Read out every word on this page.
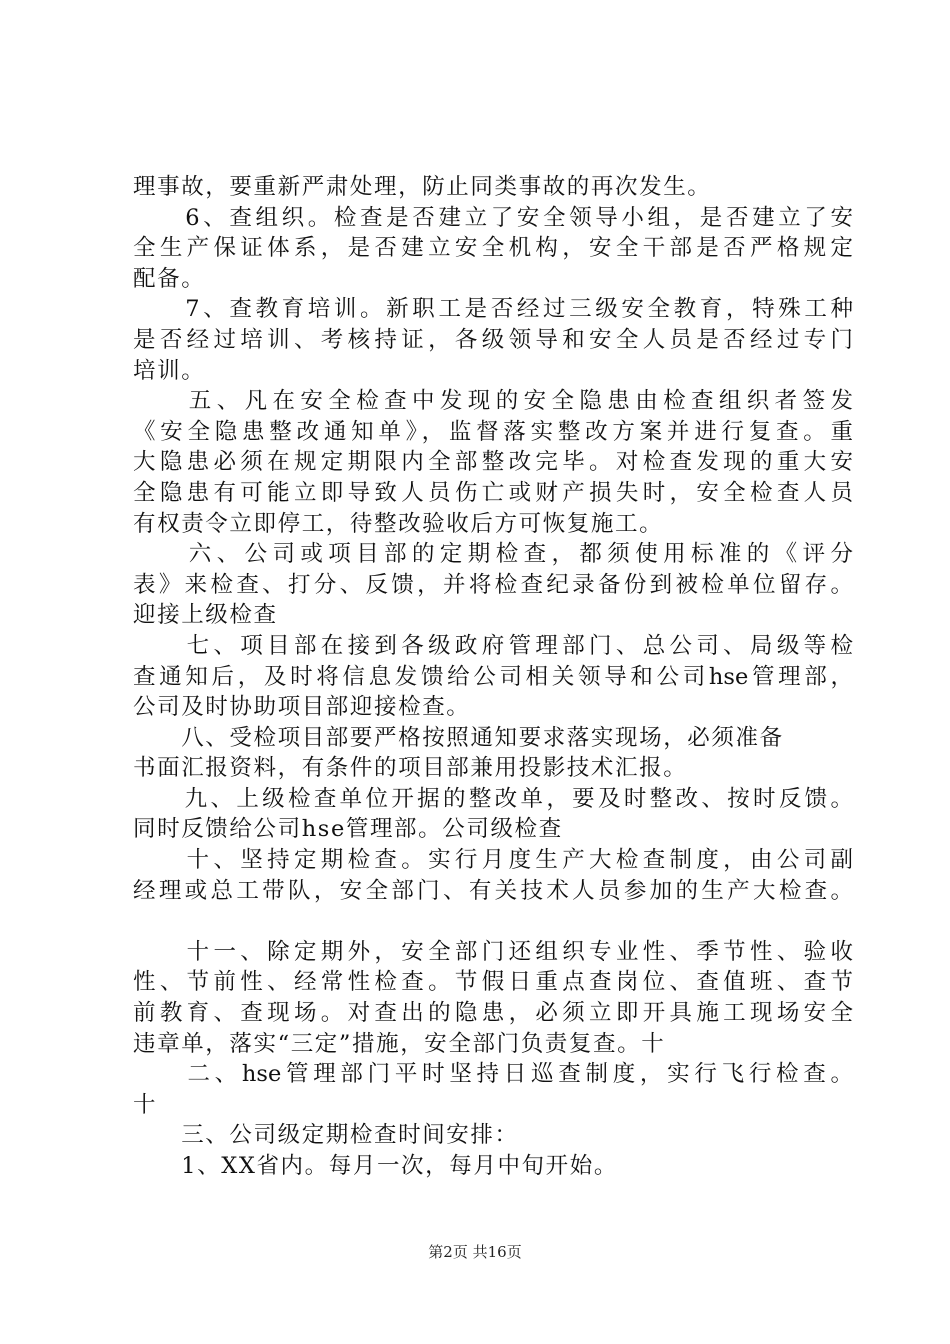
理事故，要重新严肃处理，防止同类事故的再次发生。
　　6、查组织。检查是否建立了安全领导小组，是否建立了安
全生产保证体系，是否建立安全机构，安全干部是否严格规定
配备。
　　7、查教育培训。新职工是否经过三级安全教育，特殊工种
是否经过培训、考核持证，各级领导和安全人员是否经过专门
培训。
　　五、凡在安全检查中发现的安全隐患由检查组织者签发
《安全隐患整改通知单》，监督落实整改方案并进行复查。重
大隐患必须在规定期限内全部整改完毕。对检查发现的重大安
全隐患有可能立即导致人员伤亡或财产损失时，安全检查人员
有权责令立即停工，待整改验收后方可恢复施工。
　　六、公司或项目部的定期检查，都须使用标准的《评分
表》来检查、打分、反馈，并将检查纪录备份到被检单位留存。
迎接上级检查
　　七、项目部在接到各级政府管理部门、总公司、局级等检
查通知后，及时将信息发馈给公司相关领导和公司hse管理部，
公司及时协助项目部迎接检查。
　　八、受检项目部要严格按照通知要求落实现场，必须准备
书面汇报资料，有条件的项目部兼用投影技术汇报。
　　九、上级检查单位开据的整改单，要及时整改、按时反馈。
同时反馈给公司hse管理部。公司级检查
　　十、坚持定期检查。实行月度生产大检查制度，由公司副
经理或总工带队，安全部门、有关技术人员参加的生产大检查。
　　十一、除定期外，安全部门还组织专业性、季节性、验收
性、节前性、经常性检查。节假日重点查岗位、查值班、查节
前教育、查现场。对查出的隐患，必须立即开具施工现场安全
违章单，落实“三定”措施，安全部门负责复查。十
　　二、hse管理部门平时坚持日巡查制度，实行飞行检查。
十
　　三、公司级定期检查时间安排：
　　1、XX省内。每月一次，每月中旬开始。
第2页 共16页
